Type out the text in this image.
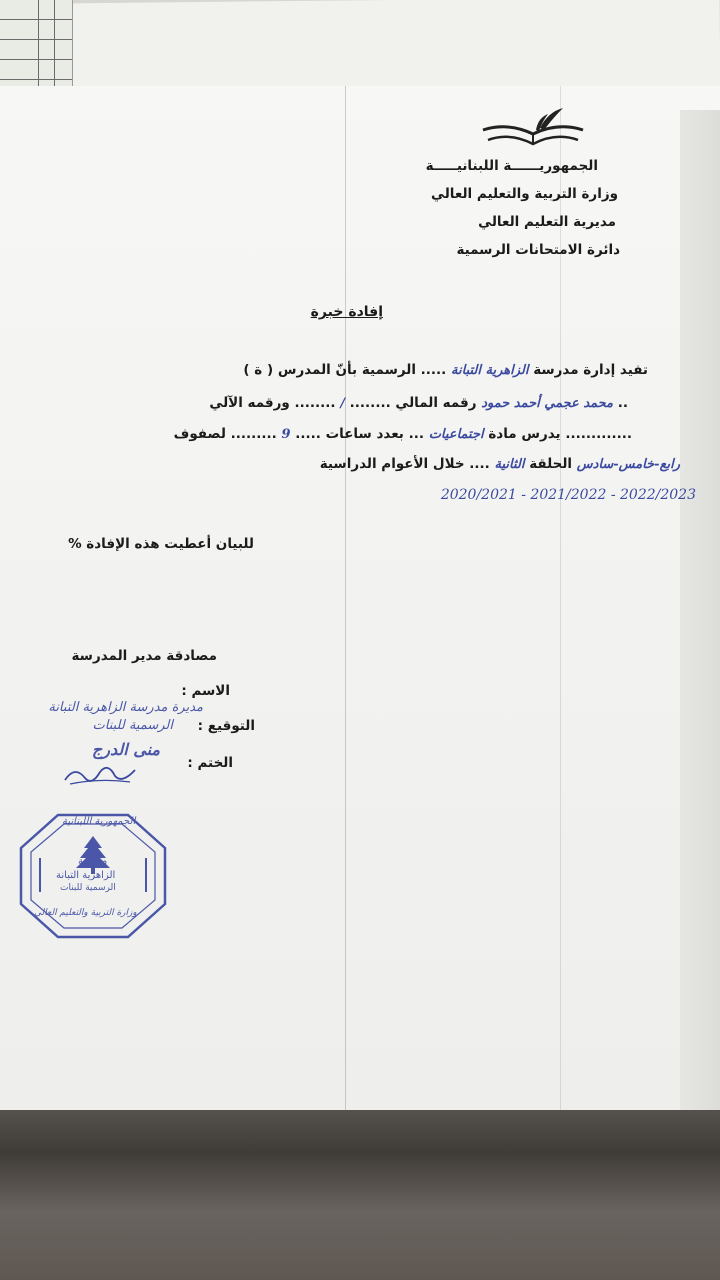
الجمهوريــــــة اللبنانيـــــة
وزارة التربية والتعليم العالي
مديرية التعليم العالي
دائرة الامتحانات الرسمية
إفادة خبرة
تفيد إدارة مدرسة الزاهرية التبانة ..... الرسمية بأنّ المدرس ( ة )
.. محمد عجمي أحمد حمود رقمه المالي ........ / ........ ورقمه الآلي
............. يدرس مادة اجتماعيات ... بعدد ساعات ..... 9 ......... لصفوف
رابع-خامس-سادس الحلقة الثانية .... خلال الأعوام الدراسية
2020/2021 - 2021/2022 - 2022/2023
للبيان أعطيت هذه الإفادة %
مصادقة مدير المدرسة
الاسم :
التوقيع :
الختم :
مديرة مدرسة الزاهرية التبانة
الرسمية للبنات
منى الدرج
الجمهورية اللبنانية
مدرسة
الزاهرية التبانة
الرسمية للبنات
وزارة التربية والتعليم العالي
